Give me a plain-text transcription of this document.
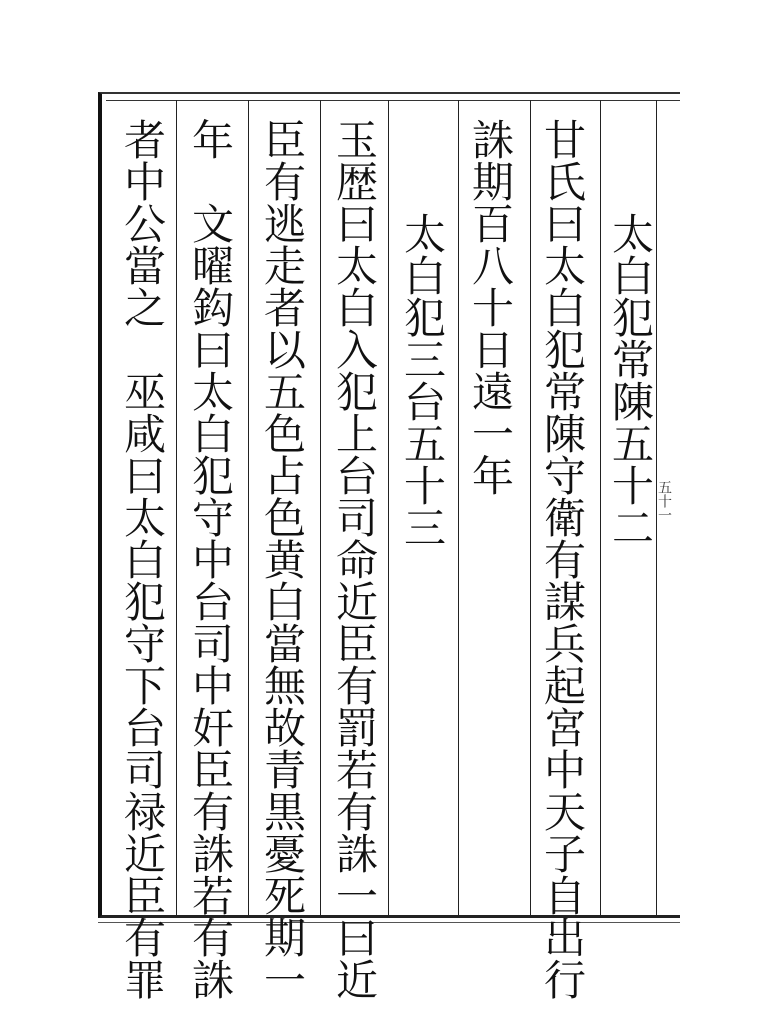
太白犯常陳五十二
甘氏曰太白犯常陳守衛有謀兵起宮中天子自出行
誅期百八十日遠一年
太白犯三台五十三
玉歴曰太白入犯上台司命近臣有罰若有誅一曰近
臣有逃走者以五色占色黄白當無故青黒憂死期一
年　文曜鈎曰太白犯守中台司中奸臣有誅若有誅
者中公當之　巫咸曰太白犯守下台司禄近臣有罪	五十一
